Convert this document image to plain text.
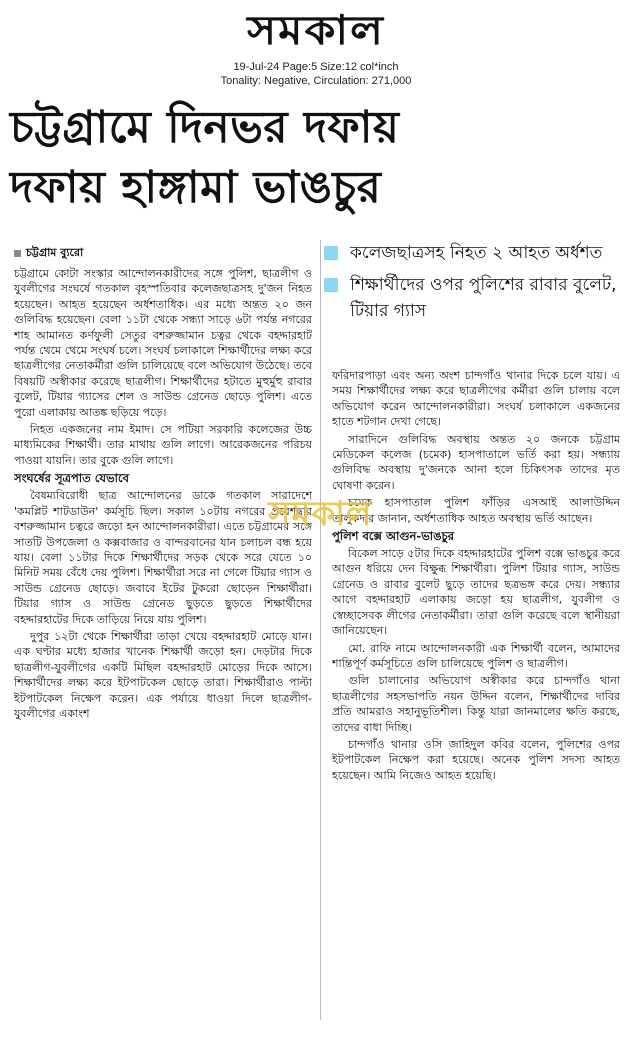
সমকাল
19-Jul-24 Page:5 Size:12 col*inch
Tonality: Negative, Circulation: 271,000
চট্টগ্রামে দিনভর দফায়
দফায় হাঙ্গামা ভাঙচুর
চট্টগ্রাম ব্যুরো	কলেজছাত্রসহ নিহত ২ আহত অর্ধশত
শিক্ষার্থীদের ওপর পুলিশের রাবার বুলেট, টিয়ার গ্যাস

চট্টগ্রামে কোটা সংস্কার আন্দোলনকারীদের সঙ্গে পুলিশ, ছাত্রলীগ ও যুবলীগের সংঘর্ষে গতকাল বৃহস্পতিবার কলেজছাত্রসহ দু'জন নিহত হয়েছেন। আহত হয়েছেন অর্ধশতাধিক। এর মধ্যে অন্তত ২০ জন গুলিবিদ্ধ হয়েছেন। বেলা ১১টা থেকে সন্ধ্যা সাড়ে ৬টা পর্যন্ত নগরের শাহ আমানত কর্ণফুলী সেতুর বশরুজ্জামান চত্বর থেকে বহদ্দারহাট পর্যন্ত থেমে থেমে সংঘর্ষ চলে। সংঘর্ষ চলাকালে শিক্ষার্থীদের লক্ষ্য করে ছাত্রলীগের নেতাকর্মীরা গুলি চালিয়েছে বলে অভিযোগ উঠেছে। তবে বিষয়টি অস্বীকার করেছে ছাত্রলীগ। শিক্ষার্থীদের হটাতে মুহুর্মুহু রাবার বুলেট, টিয়ার গ্যাসের শেল ও সাউন্ড গ্রেনেড ছোড়ে পুলিশ। এতে পুরো এলাকায় আতঙ্ক ছড়িয়ে পড়ে।

নিহত একজনের নাম ইমাদ। সে পটিয়া সরকারি কলেজের উচ্চ মাধ্যমিকের শিক্ষার্থী। তার মাথায় গুলি লাগে। আরেকজনের পরিচয় পাওয়া যায়নি। তার বুকে গুলি লাগে।

সংঘর্ষের সূত্রপাত যেভাবে

বৈষম্যবিরোধী ছাত্র আন্দোলনের ডাকে গতকাল সারাদেশে 'কমপ্লিট শাটডাউন' কর্মসূচি ছিল। সকাল ১০টায় নগরের প্রবেশদ্বার বশরুজ্জামান চত্বরে জড়ো হন আন্দোলনকারীরা। এতে চট্টগ্রামের সঙ্গে সাতটি উপজেলা ও কক্সবাজার ও বান্দরবানের যান চলাচল বন্ধ হয়ে যায়। বেলা ১১টার দিকে শিক্ষার্থীদের সড়ক থেকে সরে যেতে ১০ মিনিট সময় বেঁধে দেয় পুলিশ। শিক্ষার্থীরা সরে না গেলে টিয়ার গ্যাস ও সাউন্ড গ্রেনেড ছোড়ে। জবাবে ইটের টুকরো ছোড়েন শিক্ষার্থীরা। টিয়ার গ্যাস ও সাউন্ড গ্রেনেড ছুড়তে ছুড়তে শিক্ষার্থীদের বহদ্দারহাটের দিকে তাড়িয়ে নিয়ে যায় পুলিশ।

দুপুর ১২টা থেকে শিক্ষার্থীরা তাড়া খেয়ে বহদ্দারহাট মোড়ে যান। এক ঘণ্টার মধ্যে হাজার খানেক শিক্ষার্থী জড়ো হন। দেড়টার দিকে ছাত্রলীগ-যুবলীগের একটি মিছিল বহদ্দারহাট মোড়ের দিকে আসে। শিক্ষার্থীদের লক্ষ্য করে ইটপাটকেল ছোড়ে তারা। শিক্ষার্থীরাও পাল্টা ইটপাটকেল নিক্ষেপ করেন। এক পর্যায়ে ধাওয়া দিলে ছাত্রলীগ-যুবলীগের একাংশ

ফরিদারপাড়া এবং অন্য অংশ চান্দগাঁও থানার দিকে চলে যায়। এ সময় শিক্ষার্থীদের লক্ষ্য করে ছাত্রলীগের কর্মীরা গুলি চালায় বলে অভিযোগ করেন আন্দোলনকারীরা। সংঘর্ষ চলাকালে একজনের হাতে শটগান দেখা গেছে।

সারাদিনে গুলিবিদ্ধ অবস্থায় অন্তত ২০ জনকে চট্টগ্রাম মেডিকেল কলেজ (চমেক) হাসপাতালে ভর্তি করা হয়। সন্ধ্যায় গুলিবিদ্ধ অবস্থায় দু'জনকে আনা হলে চিকিৎসক তাদের মৃত ঘোষণা করেন।

চমেক হাসপাতাল পুলিশ ফাঁড়ির এসআই আলাউদ্দিন তালুকদার জানান, অর্ধশতাধিক আহত অবস্থায় ভর্তি আছেন।

পুলিশ বক্সে আগুন-ভাঙচুর

বিকেল সাড়ে ৫টার দিকে বহদ্দারহাটের পুলিশ বক্সে ভাঙচুর করে আগুন ধরিয়ে দেন বিক্ষুব্ধ শিক্ষার্থীরা। পুলিশ টিয়ার গ্যাস, সাউন্ড গ্রেনেড ও রাবার বুলেট ছুড়ে তাদের ছত্রভঙ্গ করে দেয়। সন্ধ্যার আগে বহদ্দারহাট এলাকায় জড়ো হয় ছাত্রলীগ, যুবলীগ ও স্বেচ্ছাসেবক লীগের নেতাকর্মীরা। তারা গুলি করেছে বলে স্থানীয়রা জানিয়েছেন।

মো. রাফি নামে আন্দোলনকারী এক শিক্ষার্থী বলেন, আমাদের শান্তিপূর্ণ কর্মসূচিতে গুলি চালিয়েছে পুলিশ ও ছাত্রলীগ।

গুলি চালানোর অভিযোগ অস্বীকার করে চান্দগাঁও থানা ছাত্রলীগের সহসভাপতি নয়ন উদ্দিন বলেন, শিক্ষার্থীদের দাবির প্রতি আমরাও সহানুভূতিশীল। কিন্তু যারা জানমালের ক্ষতি করছে, তাদের বাধা দিচ্ছি।

চান্দগাঁও থানার ওসি জাহিদুল কবির বলেন, পুলিশের ওপর ইটপাটকেল নিক্ষেপ করা হয়েছে। অনেক পুলিশ সদস্য আহত হয়েছেন। আমি নিজেও আহত হয়েছি।

সমকাল
